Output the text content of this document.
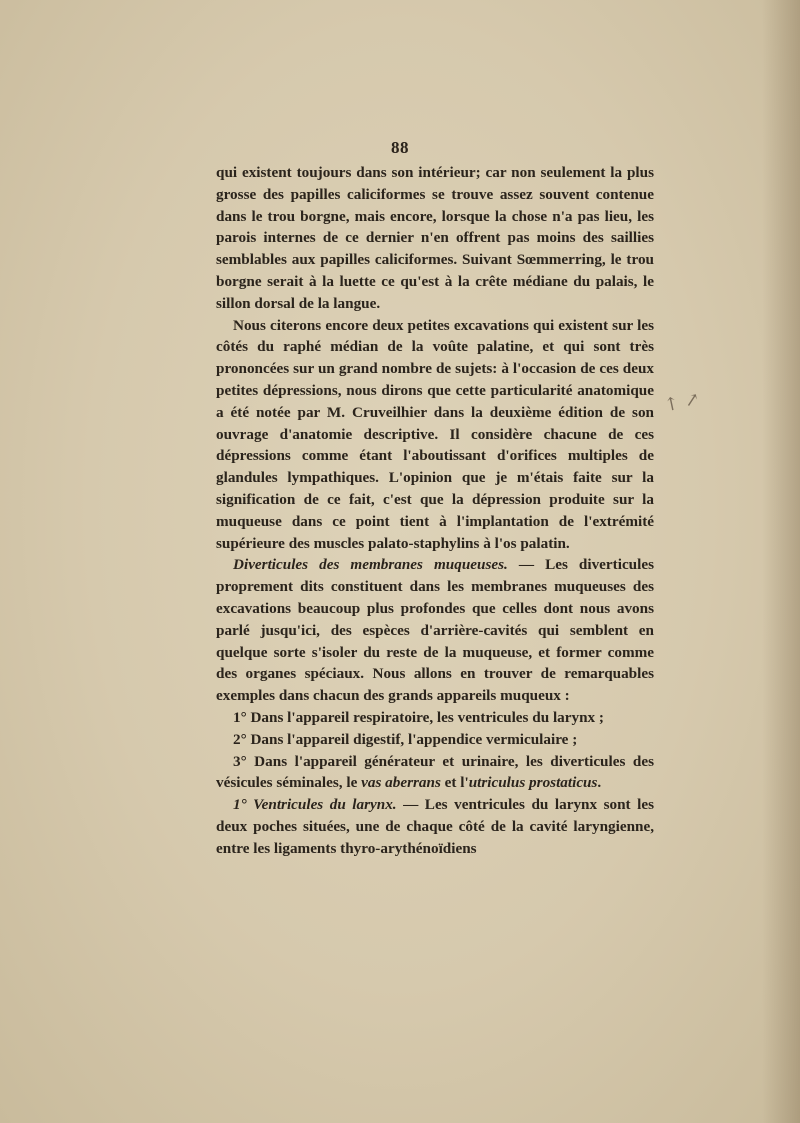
88

qui existent toujours dans son intérieur; car non seulement la plus grosse des papilles caliciformes se trouve assez souvent contenue dans le trou borgne, mais encore, lorsque la chose n'a pas lieu, les parois internes de ce dernier n'en offrent pas moins des saillies semblables aux papilles caliciformes. Suivant Sœmmerring, le trou borgne serait à la luette ce qu'est à la crête médiane du palais, le sillon dorsal de la langue.

Nous citerons encore deux petites excavations qui existent sur les côtés du raphé médian de la voûte palatine, et qui sont très prononcées sur un grand nombre de sujets: à l'occasion de ces deux petites dépressions, nous dirons que cette particularité anatomique a été notée par M. Cruveilhier dans la deuxième édition de son ouvrage d'anatomie descriptive. Il considère chacune de ces dépressions comme étant l'aboutissant d'orifices multiples de glandules lympathiques. L'opinion que je m'étais faite sur la signification de ce fait, c'est que la dépression produite sur la muqueuse dans ce point tient à l'implantation de l'extrémité supérieure des muscles palato-staphylins à l'os palatin.

Diverticules des membranes muqueuses. — Les diverticules proprement dits constituent dans les membranes muqueuses des excavations beaucoup plus profondes que celles dont nous avons parlé jusqu'ici, des espèces d'arrière-cavités qui semblent en quelque sorte s'isoler du reste de la muqueuse, et former comme des organes spéciaux. Nous allons en trouver de remarquables exemples dans chacun des grands appareils muqueux :

1° Dans l'appareil respiratoire, les ventricules du larynx ;

2° Dans l'appareil digestif, l'appendice vermiculaire ;

3° Dans l'appareil générateur et urinaire, les diverticules des vésicules séminales, le vas aberrans et l'utriculus prostaticus.

1° Ventricules du larynx. — Les ventricules du larynx sont les deux poches situées, une de chaque côté de la cavité laryngienne, entre les ligaments thyro-arythénoïdiens

↑ ↗
